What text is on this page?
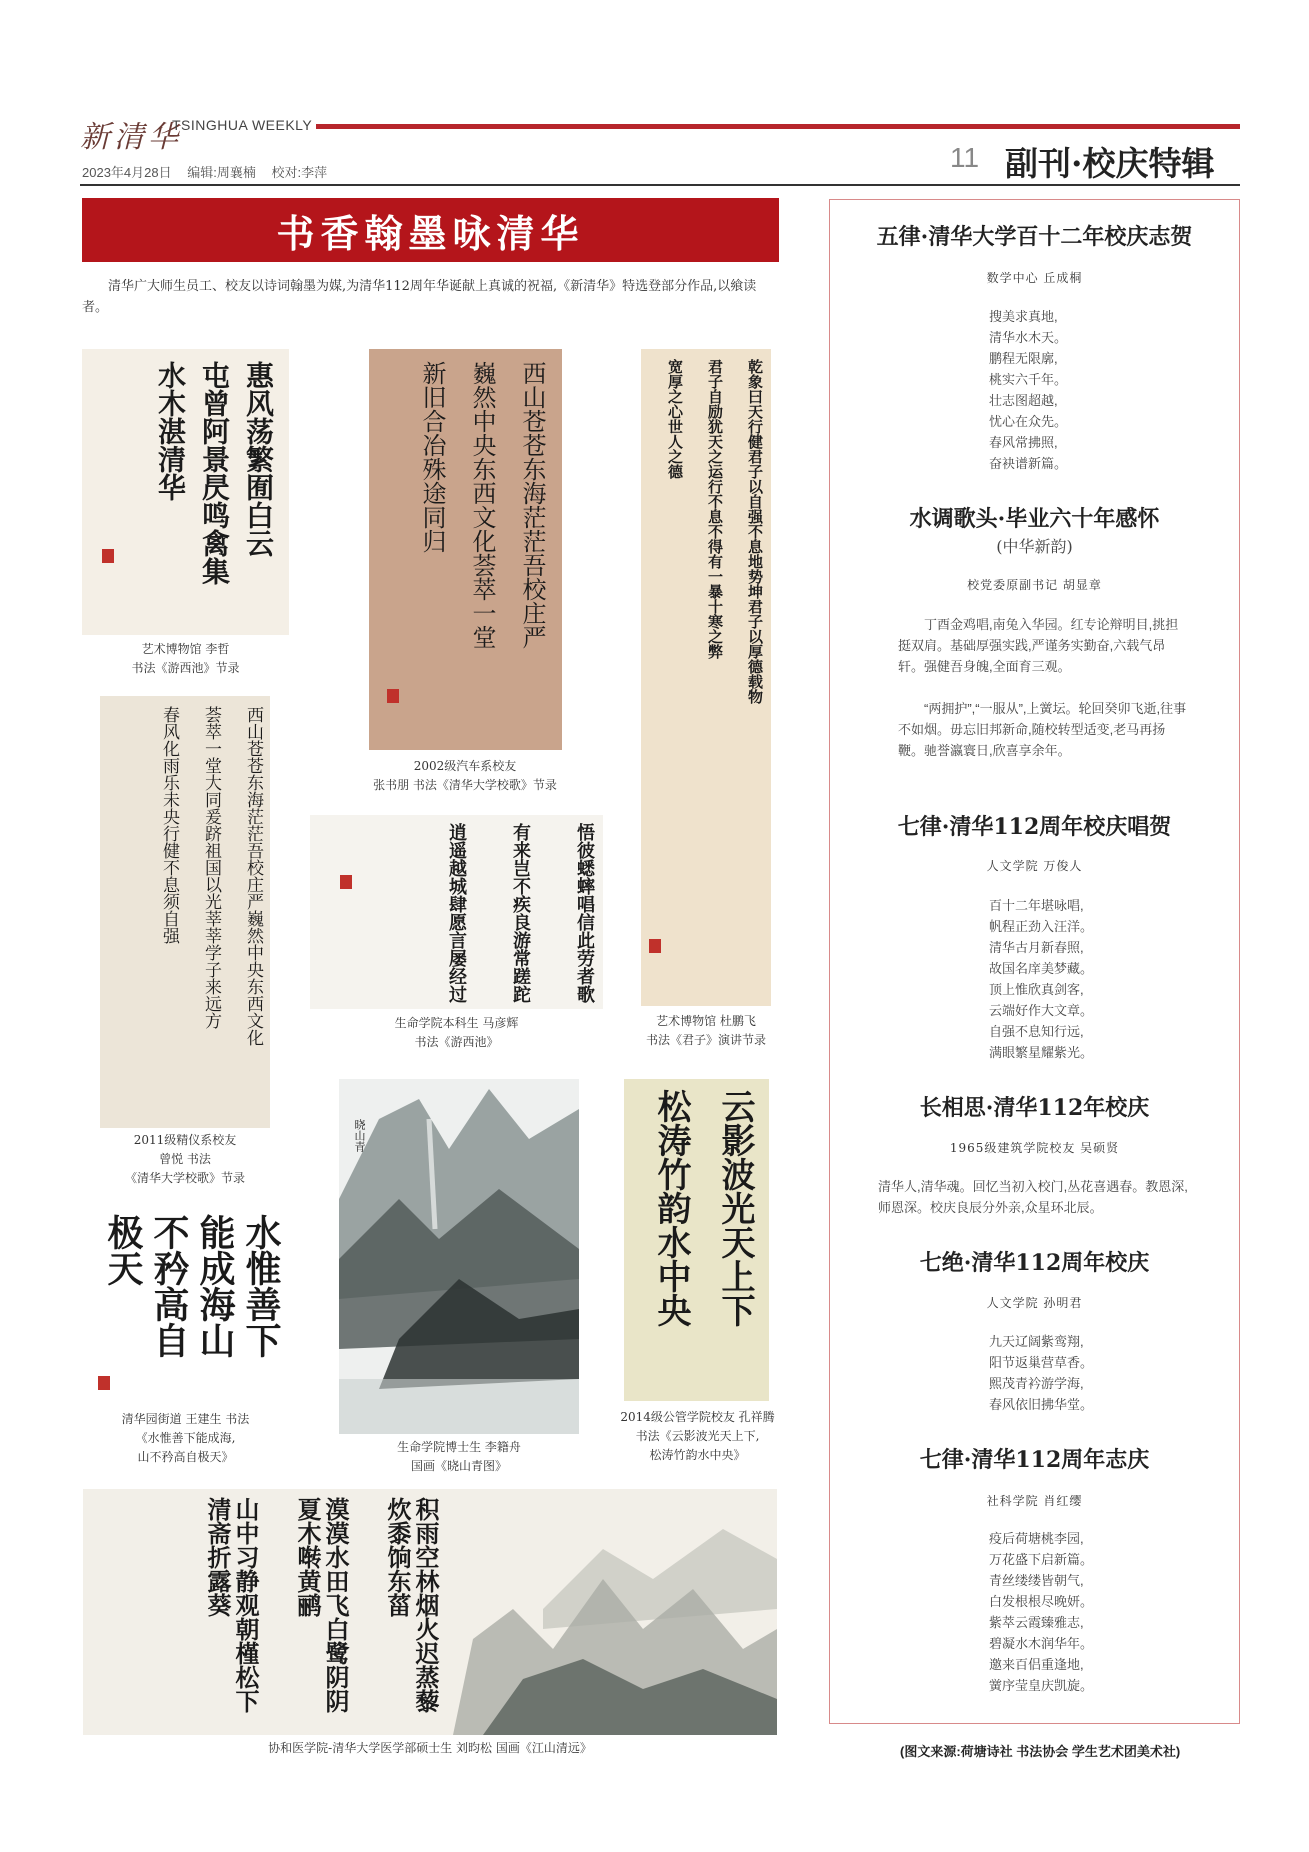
新清华
TSINGHUA WEEKLY
2023年4月28日 编辑:周襄楠 校对:李萍	11 副刊·校庆特辑
书香翰墨咏清华
清华广大师生员工、校友以诗词翰墨为媒,为清华112周年华诞献上真诚的祝福,《新清华》特选登部分作品,以飨读者。
惠风荡繁囿白云
屯曾阿景昃鸣禽集
水木湛清华
艺术博物馆 李哲
书法《游西池》节录
西山苍苍东海茫茫吾校庄严
巍然中央东西文化荟萃一堂
新旧合冶殊途同归
2002级汽车系校友
张书朋 书法《清华大学校歌》节录
乾象曰天行健君子以自强不息地势坤君子以厚德载物
君子自励犹天之运行不息不得有一暴十寒之弊
宽厚之心世人之德
艺术博物馆 杜鹏飞
书法《君子》演讲节录
西山苍苍东海茫茫吾校庄严巍然中央东西文化
荟萃一堂大同爰跻祖国以光莘莘学子来远方
春风化雨乐未央行健不息须自强
2011级精仪系校友
曾悦 书法
《清华大学校歌》节录
悟彼蟋蟀唱信此劳者歌
有来岂不疾良游常蹉跎
逍遥越城肆愿言屡经过
生命学院本科生 马彦辉
书法《游西池》
晓山青
生命学院博士生 李籍舟
国画《晓山青图》
云影波光天上下
松涛竹韵水中央
2014级公管学院校友 孔祥腾
书法《云影波光天上下,
松涛竹韵水中央》
水惟善下
能成海山
不矜高自
极天
清华园街道 王建生 书法
《水惟善下能成海,
山不矜高自极天》
积雨空林烟火迟蒸藜炊黍饷东菑
漠漠水田飞白鹭阴阴夏木啭黄鹂
山中习静观朝槿松下清斋折露葵
协和医学院-清华大学医学部硕士生 刘昀松 国画《江山清远》
五律·清华大学百十二年校庆志贺
数学中心 丘成桐
搜美求真地,
清华水木天。
鹏程无限廓,
桃实六千年。
壮志图超越,
忧心在众先。
春风常拂照,
奋袂谱新篇。
水调歌头·毕业六十年感怀
(中华新韵)
校党委原副书记 胡显章
丁酉金鸡唱,南兔入华园。红专论辩明目,挑担挺双肩。基础厚强实践,严谨务实勤奋,六载气昂轩。强健吾身魄,全面育三观。
“两拥护”,“一服从”,上黉坛。轮回癸卯飞逝,往事不如烟。毋忘旧邦新命,随校转型适变,老马再扬鞭。驰誉瀛寰日,欣喜享余年。
七律·清华112周年校庆唱贺
人文学院 万俊人
百十二年堪咏唱,
帆程正劲入汪洋。
清华古月新春照,
故国名庠美梦藏。
顶上惟欣真剑客,
云端好作大文章。
自强不息知行远,
满眼繁星耀紫光。
长相思·清华112年校庆
1965级建筑学院校友 吴硕贤
清华人,清华魂。回忆当初入校门,丛花喜遇春。教恩深,师恩深。校庆良辰分外亲,众星环北辰。
七绝·清华112周年校庆
人文学院 孙明君
九天辽阔紫鸾翔,
阳节返巢营草香。
熙茂青衿游学海,
春风依旧拂华堂。
七律·清华112周年志庆
社科学院 肖红缨
疫后荷塘桃李园,
万花盛下启新篇。
青丝缕缕皆朝气,
白发根根尽晚妍。
紫萃云霞臻雅志,
碧凝水木润华年。
邀来百侣重逢地,
黉序莹皇庆凯旋。
(图文来源:荷塘诗社 书法协会 学生艺术团美术社)
